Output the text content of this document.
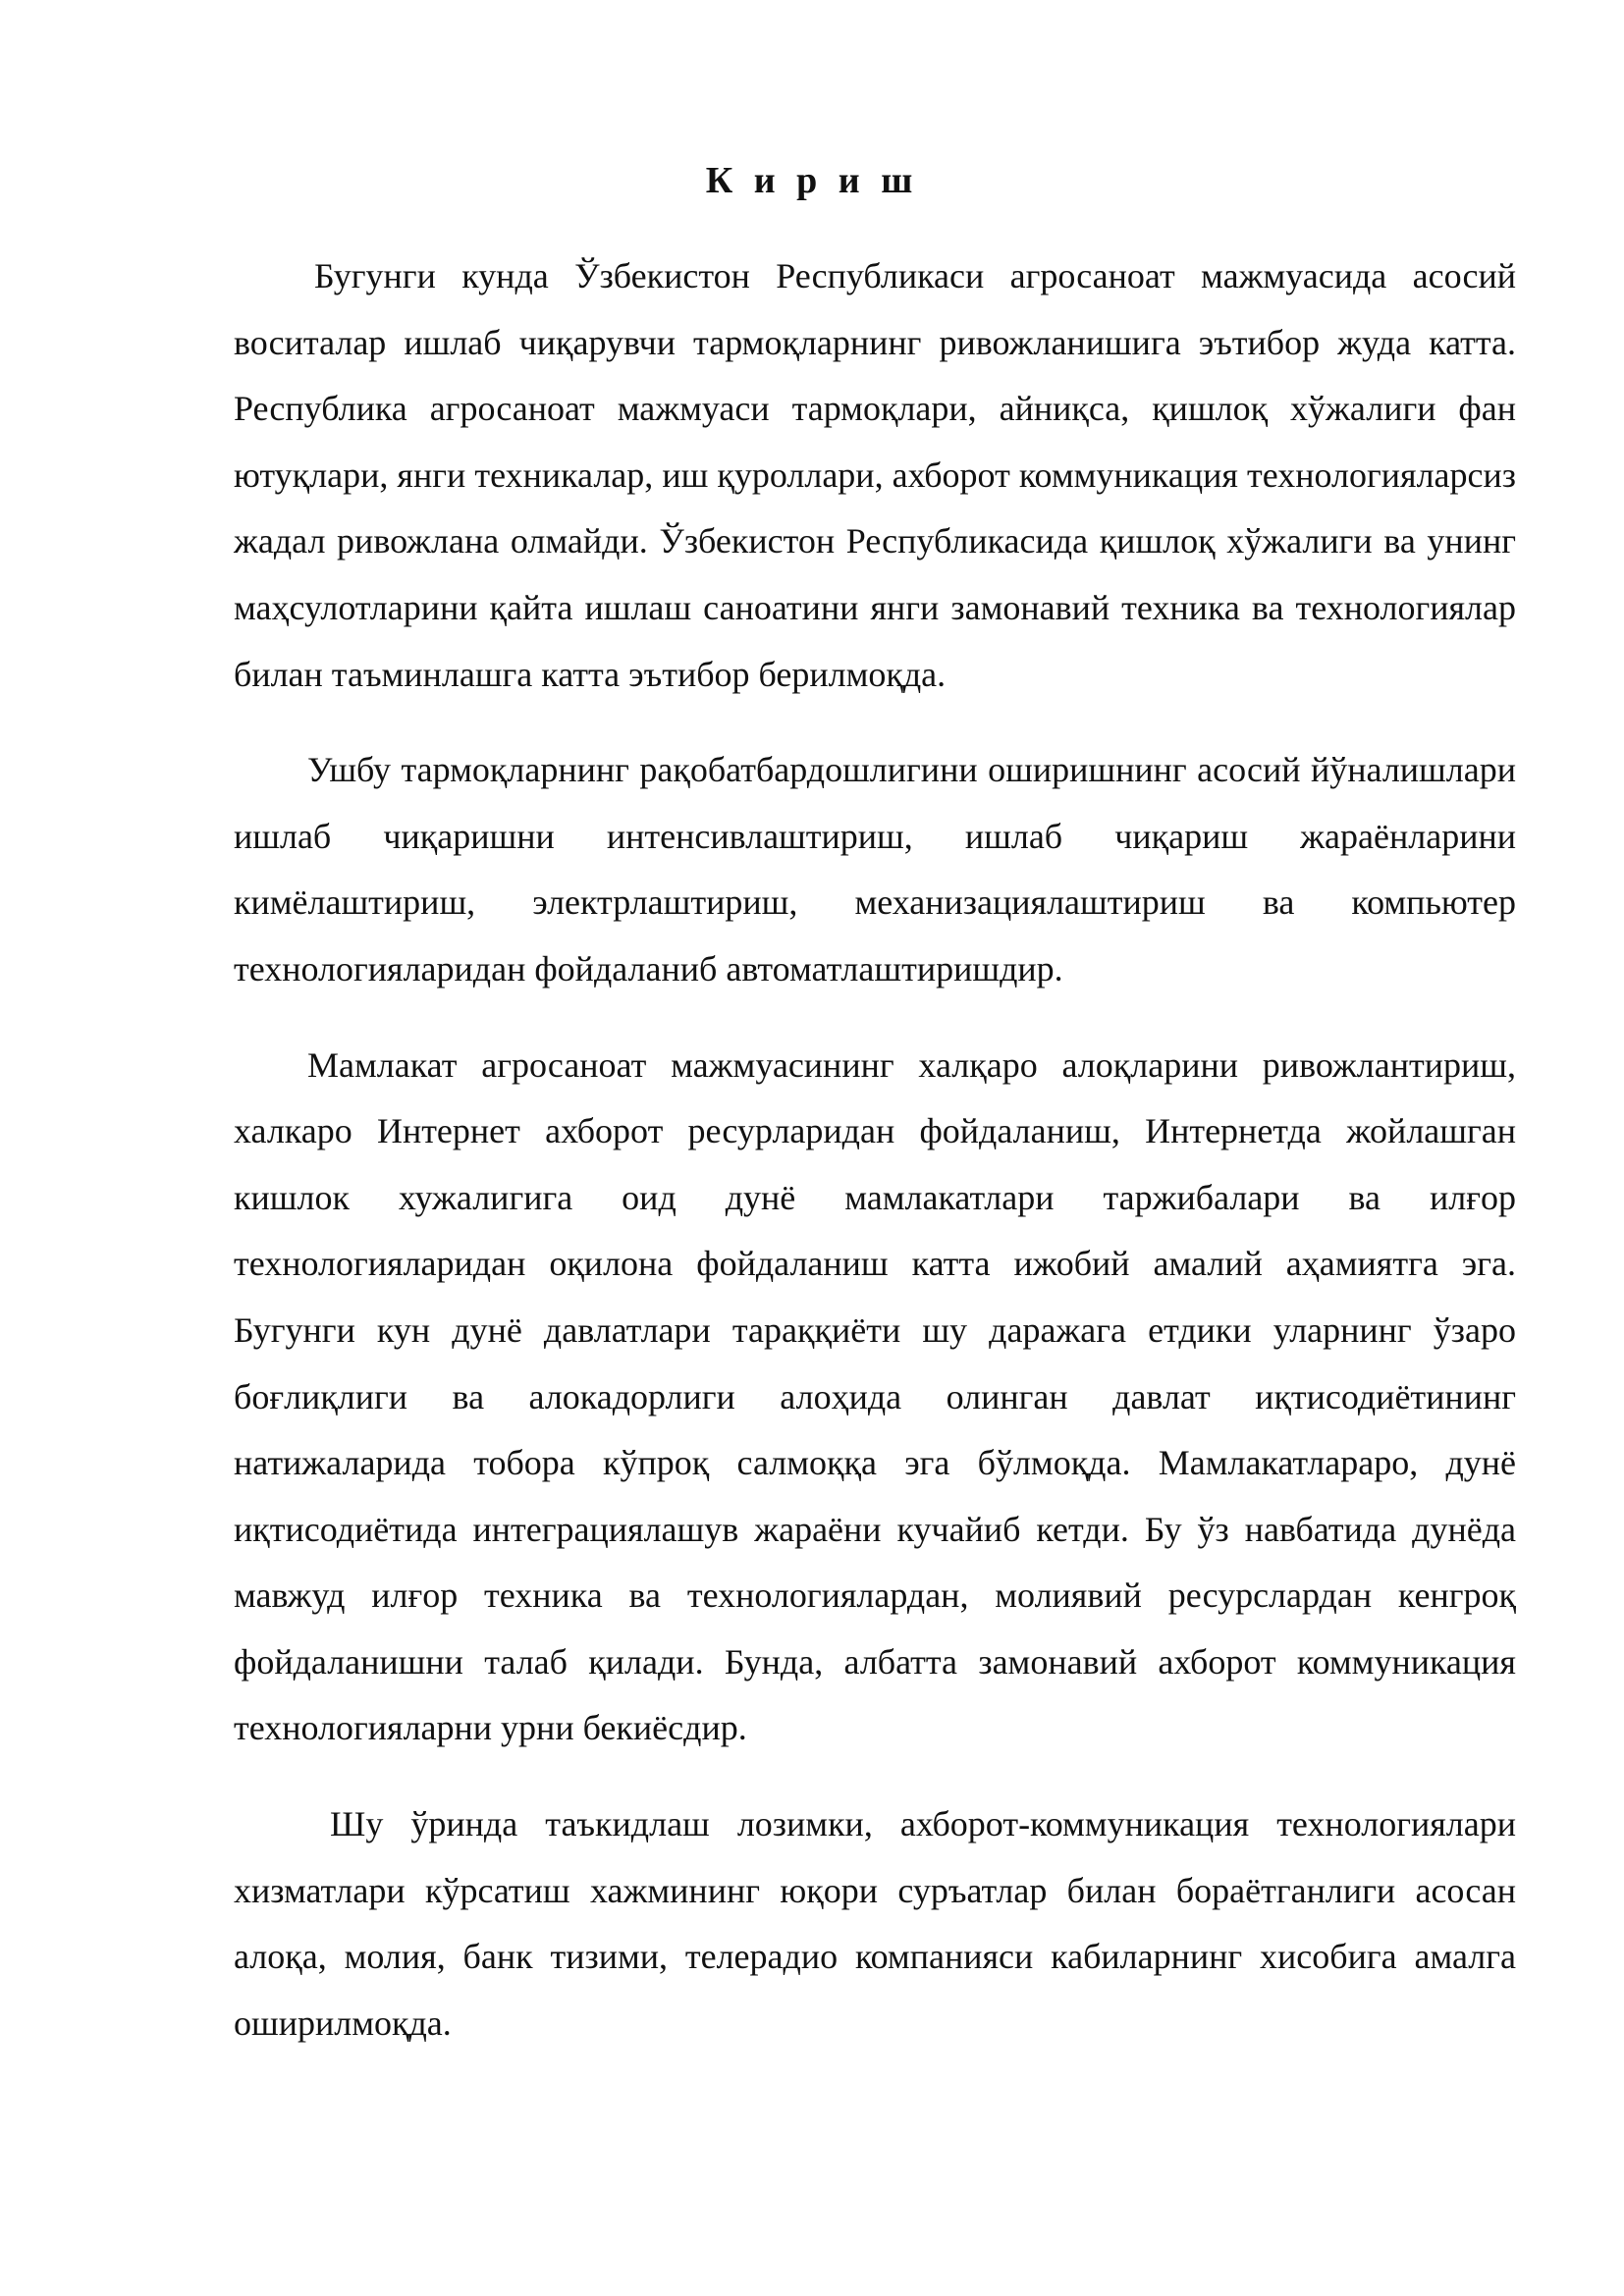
К и р и ш

Бугунги кунда Ўзбекистон Республикаси агросаноат мажмуасида асосий воситалар ишлаб чиқарувчи тармоқларнинг ривожланишига эътибор жуда катта. Республика агросаноат мажмуаси тармоқлари, айниқса, қишлоқ хўжалиги фан ютуқлари, янги техникалар, иш қуроллари, ахборот коммуникация технологияларсиз жадал ривожлана олмайди. Ўзбекистон Республикасида қишлоқ хўжалиги ва унинг маҳсулотларини қайта ишлаш саноатини янги замонавий техника ва технологиялар билан таъминлашга катта эътибор берилмоқда.

Ушбу тармоқларнинг рақобатбардошлигини оширишнинг асосий йўналишлари ишлаб чиқаришни интенсивлаштириш, ишлаб чиқариш жараёнларини кимёлаштириш, электрлаштириш, механизациялаштириш ва компьютер технологияларидан фойдаланиб автоматлаштиришдир.

Мамлакат агросаноат мажмуасининг халқаро алоқларини ривожлантириш, халкаро Интернет ахборот ресурларидан фойдаланиш, Интернетда жойлашган кишлок хужалигига оид дунё мамлакатлари таржибалари ва илғор технологияларидан оқилона фойдаланиш катта ижобий амалий аҳамиятга эга. Бугунги кун дунё давлатлари тараққиёти шу даражага етдики уларнинг ўзаро боғлиқлиги ва алокадорлиги алоҳида олинган давлат иқтисодиётининг натижаларида тобора кўпроқ салмоққа эга бўлмоқда. Мамлакатлараро, дунё иқтисодиётида интеграциялашув жараёни кучайиб кетди. Бу ўз навбатида дунёда мавжуд илғор техника ва технологиялардан, молиявий ресурслардан кенгроқ фойдаланишни талаб қилади. Бунда, албатта замонавий ахборот коммуникация технологияларни урни бекиёсдир.

Шу ўринда таъкидлаш лозимки, ахборот-коммуникация технологиялари хизматлари кўрсатиш хажмининг юқори суръатлар билан бораётганлиги асосан алоқа, молия, банк тизими, телерадио компанияси кабиларнинг хисобига амалга оширилмоқда.
